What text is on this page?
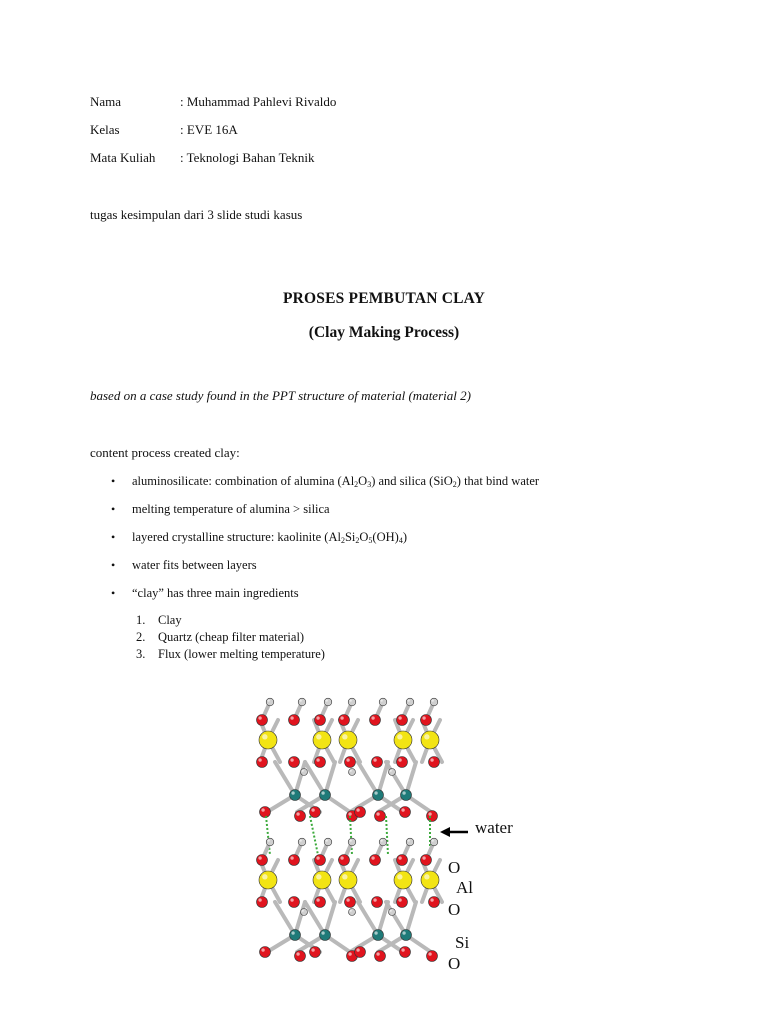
Nama	: Muhammad Pahlevi Rivaldo
Kelas	: EVE 16A
Mata Kuliah : Teknologi Bahan Teknik
tugas kesimpulan dari 3 slide studi kasus
PROSES PEMBUTAN CLAY
(Clay Making Process)
based on a case study found in the PPT structure of material (material 2)
content process created clay:
• aluminosilicate: combination of alumina $(Al_2O_3)$ and silica (SiO$_2$) that bind water
• melting temperature of alumina > silica
• layered crystalline structure: kaolinite $(Al_2Si_2O_5(OH)_4)$
• water fits between layers
• “clay” has three main ingredients
1. Clay
2. Quartz (cheap filter material)
3. Flux (lower melting temperature)
water
O
Al
O
Si
O
